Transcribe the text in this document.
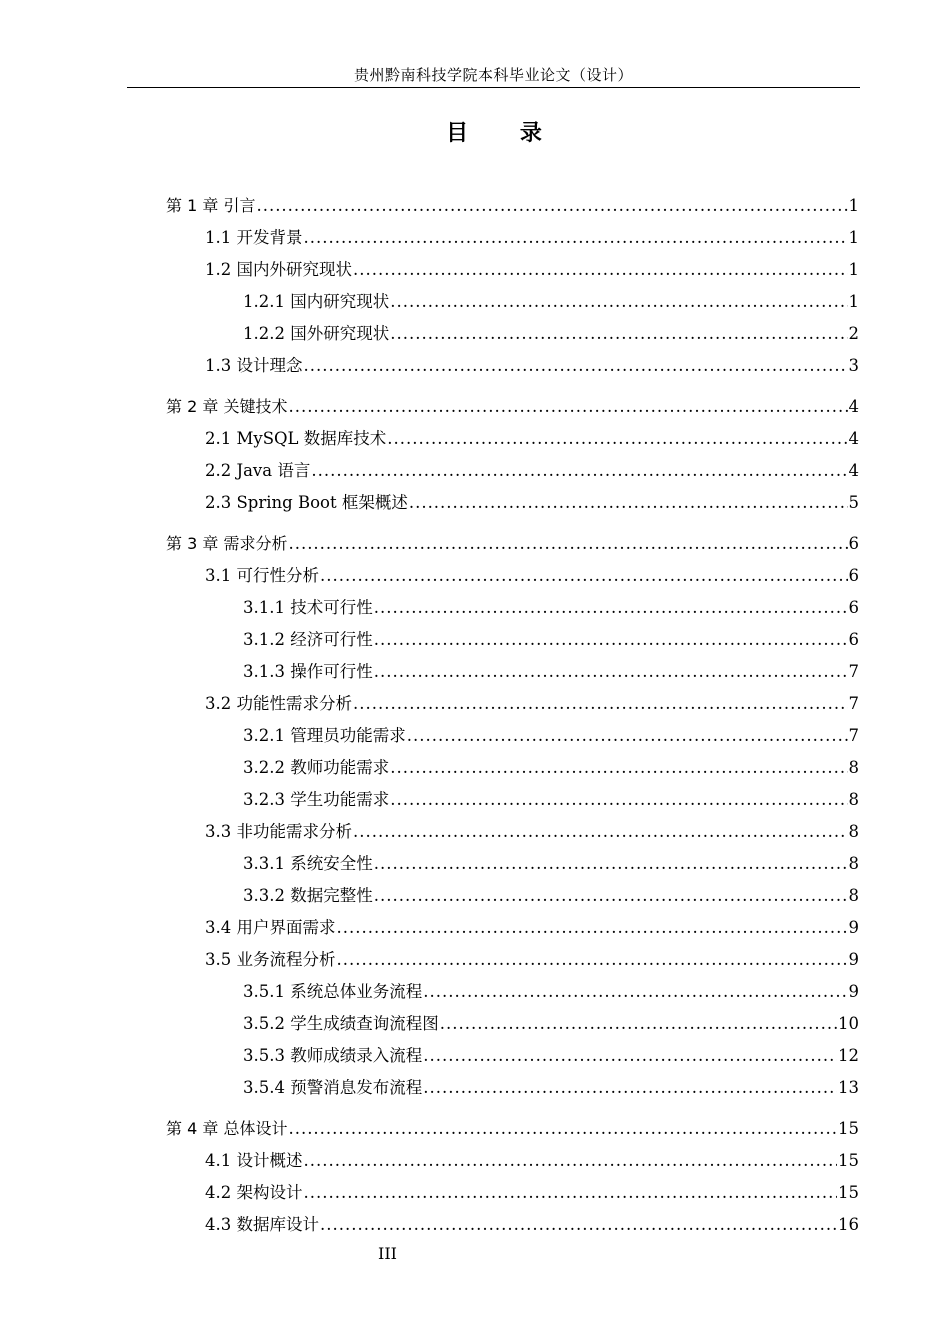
贵州黔南科技学院本科毕业论文（设计）
目 录
第 1 章 引言 .....	1
1.1 开发背景 .....	1
1.2 国内外研究现状 .....	1
1.2.1 国内研究现状 .....	1
1.2.2 国外研究现状 .....	2
1.3 设计理念 .....	3
第 2 章 关键技术 .....	4
2.1 MySQL 数据库技术 .....	4
2.2 Java 语言 .....	4
2.3 Spring Boot 框架概述 .....	5
第 3 章 需求分析 .....	6
3.1 可行性分析 .....	6
3.1.1 技术可行性 .....	6
3.1.2 经济可行性 .....	6
3.1.3 操作可行性 .....	7
3.2 功能性需求分析 .....	7
3.2.1 管理员功能需求 .....	7
3.2.2 教师功能需求 .....	8
3.2.3 学生功能需求 .....	8
3.3 非功能需求分析 .....	8
3.3.1 系统安全性 .....	8
3.3.2 数据完整性 .....	8
3.4 用户界面需求 .....	9
3.5 业务流程分析 .....	9
3.5.1 系统总体业务流程 .....	9
3.5.2 学生成绩查询流程图 .....	10
3.5.3 教师成绩录入流程 .....	12
3.5.4 预警消息发布流程 .....	13
第 4 章 总体设计 .....	15
4.1 设计概述 .....	15
4.2 架构设计 .....	15
4.3 数据库设计 .....	16
III
